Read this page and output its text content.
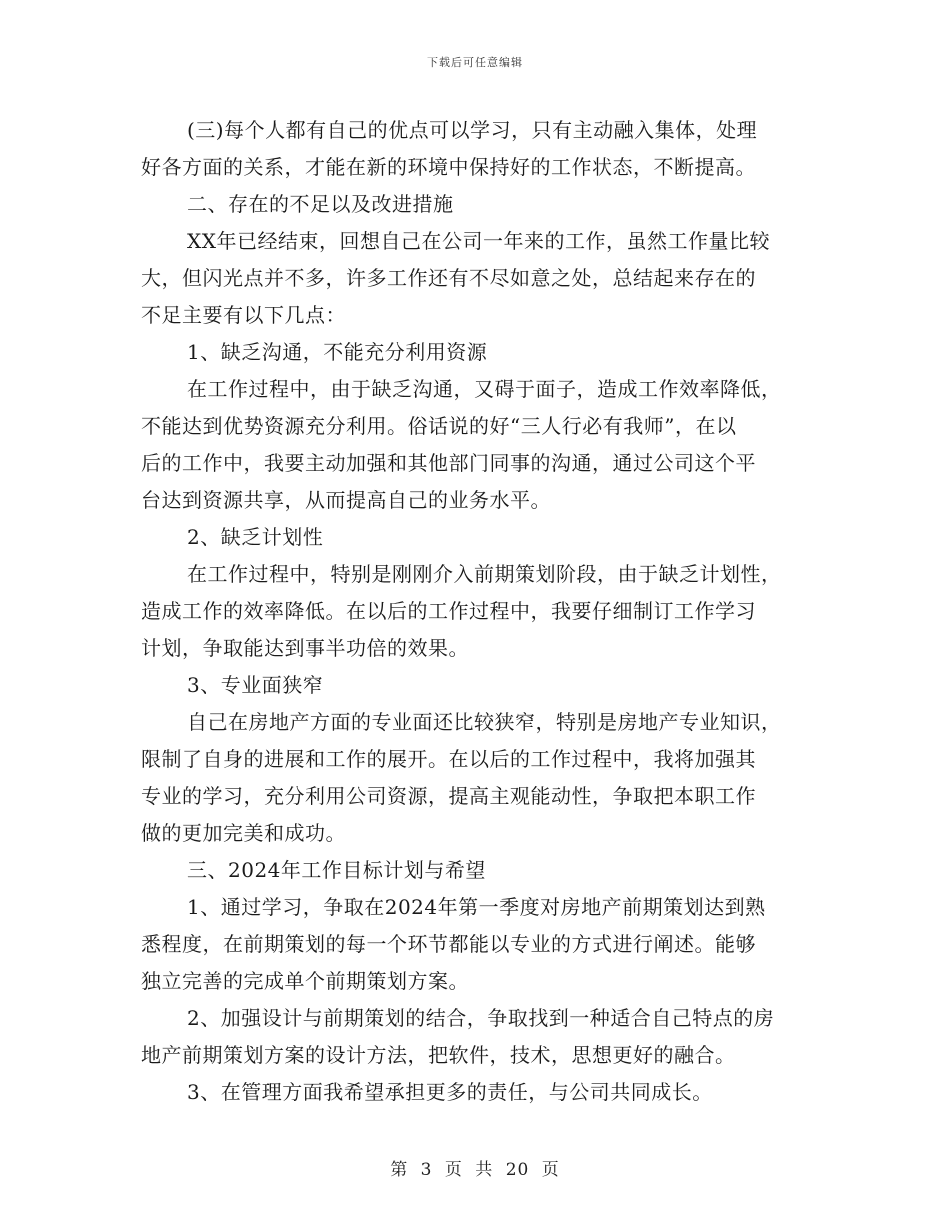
下载后可任意编辑
(三)每个人都有自己的优点可以学习，只有主动融入集体，处理
好各方面的关系，才能在新的环境中保持好的工作状态，不断提高。
二、存在的不足以及改进措施
XX年已经结束，回想自己在公司一年来的工作，虽然工作量比较
大，但闪光点并不多，许多工作还有不尽如意之处，总结起来存在的
不足主要有以下几点：
1、缺乏沟通，不能充分利用资源
在工作过程中，由于缺乏沟通，又碍于面子，造成工作效率降低，
不能达到优势资源充分利用。俗话说的好“三人行必有我师”，在以
后的工作中，我要主动加强和其他部门同事的沟通，通过公司这个平
台达到资源共享，从而提高自己的业务水平。
2、缺乏计划性
在工作过程中，特别是刚刚介入前期策划阶段，由于缺乏计划性，
造成工作的效率降低。在以后的工作过程中，我要仔细制订工作学习
计划，争取能达到事半功倍的效果。
3、专业面狭窄
自己在房地产方面的专业面还比较狭窄，特别是房地产专业知识，
限制了自身的进展和工作的展开。在以后的工作过程中，我将加强其
专业的学习，充分利用公司资源，提高主观能动性，争取把本职工作
做的更加完美和成功。
三、2024年工作目标计划与希望
1、通过学习，争取在2024年第一季度对房地产前期策划达到熟
悉程度，在前期策划的每一个环节都能以专业的方式进行阐述。能够
独立完善的完成单个前期策划方案。
2、加强设计与前期策划的结合，争取找到一种适合自己特点的房
地产前期策划方案的设计方法，把软件，技术，思想更好的融合。
3、在管理方面我希望承担更多的责任，与公司共同成长。
第 3 页 共 20 页
